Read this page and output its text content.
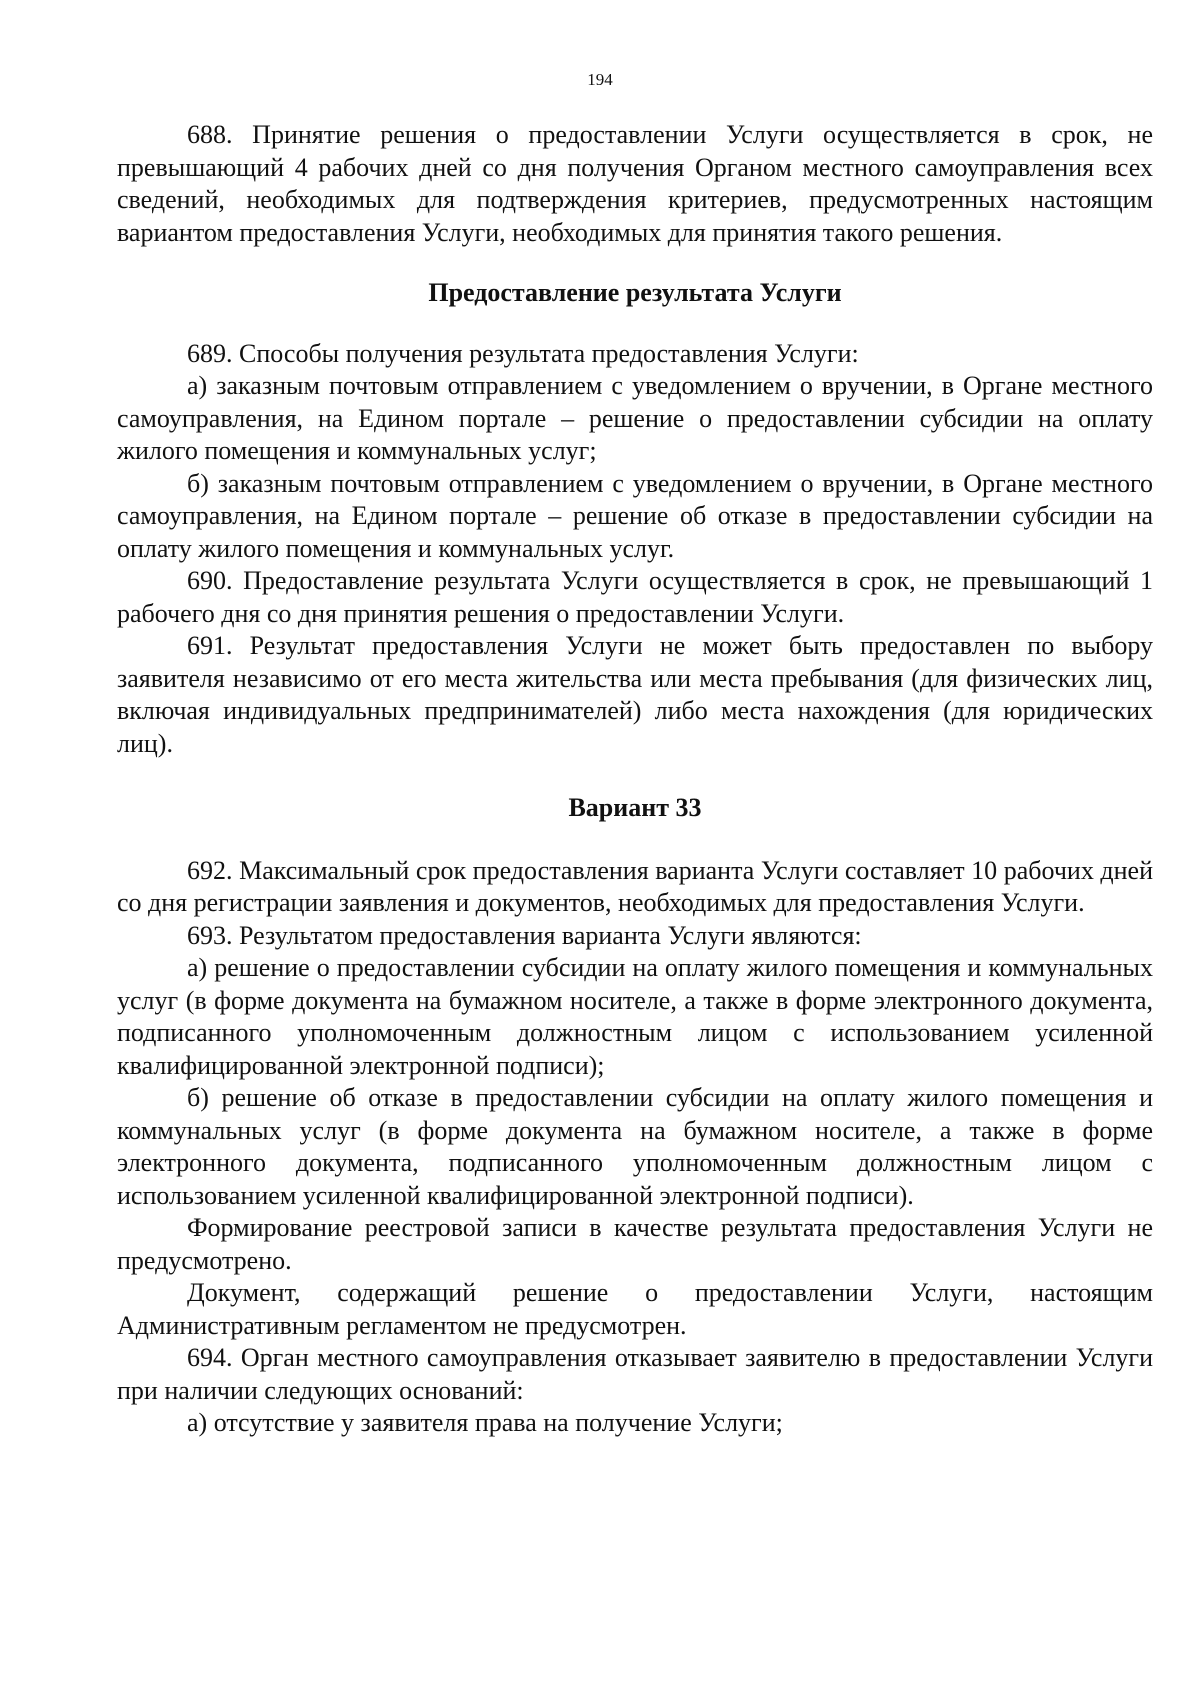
194

688. Принятие решения о предоставлении Услуги осуществляется в срок, не превышающий 4 рабочих дней со дня получения Органом местного самоуправления всех сведений, необходимых для подтверждения критериев, предусмотренных настоящим вариантом предоставления Услуги, необходимых для принятия такого решения.

Предоставление результата Услуги

689. Способы получения результата предоставления Услуги:

а) заказным почтовым отправлением с уведомлением о вручении, в Органе местного самоуправления, на Едином портале – решение о предоставлении субсидии на оплату жилого помещения и коммунальных услуг;

б) заказным почтовым отправлением с уведомлением о вручении, в Органе местного самоуправления, на Едином портале – решение об отказе в предоставлении субсидии на оплату жилого помещения и коммунальных услуг.

690. Предоставление результата Услуги осуществляется в срок, не превышающий 1 рабочего дня со дня принятия решения о предоставлении Услуги.

691. Результат предоставления Услуги не может быть предоставлен по выбору заявителя независимо от его места жительства или места пребывания (для физических лиц, включая индивидуальных предпринимателей) либо места нахождения (для юридических лиц).

Вариант 33

692. Максимальный срок предоставления варианта Услуги составляет 10 рабочих дней со дня регистрации заявления и документов, необходимых для предоставления Услуги.

693. Результатом предоставления варианта Услуги являются:

а) решение о предоставлении субсидии на оплату жилого помещения и коммунальных услуг (в форме документа на бумажном носителе, а также в форме электронного документа, подписанного уполномоченным должностным лицом с использованием усиленной квалифицированной электронной подписи);

б) решение об отказе в предоставлении субсидии на оплату жилого помещения и коммунальных услуг (в форме документа на бумажном носителе, а также в форме электронного документа, подписанного уполномоченным должностным лицом с использованием усиленной квалифицированной электронной подписи).

Формирование реестровой записи в качестве результата предоставления Услуги не предусмотрено.

Документ, содержащий решение о предоставлении Услуги, настоящим Административным регламентом не предусмотрен.

694. Орган местного самоуправления отказывает заявителю в предоставлении Услуги при наличии следующих оснований:

а) отсутствие у заявителя права на получение Услуги;
